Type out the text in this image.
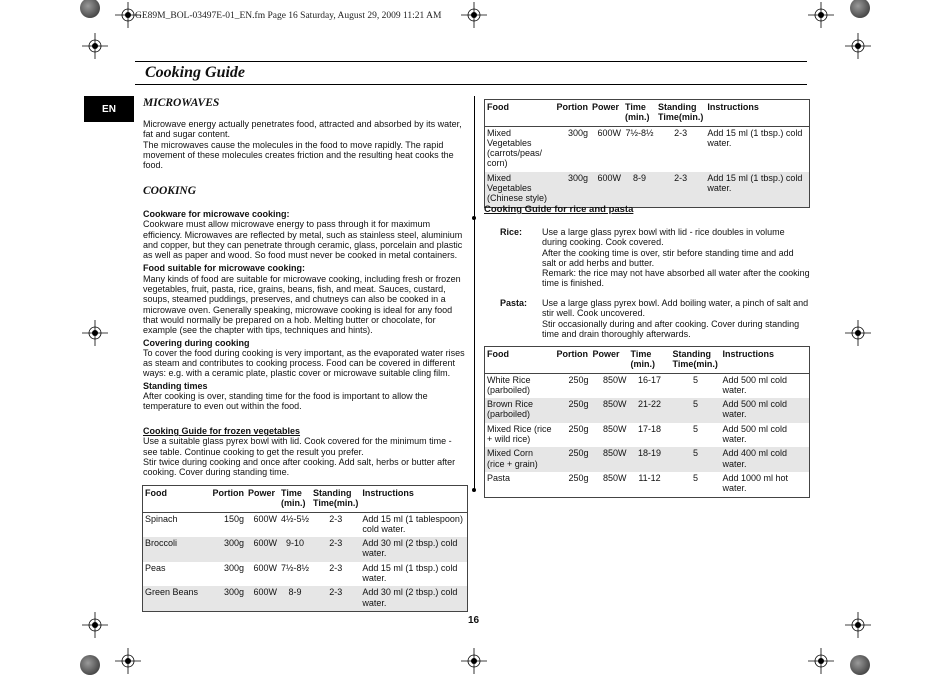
GE89M_BOL-03497E-01_EN.fm Page 16 Saturday, August 29, 2009 11:21 AM
Cooking Guide
EN	MICROWAVES

Microwave energy actually penetrates food, attracted and absorbed by its water, fat and sugar content.

The microwaves cause the molecules in the food to move rapidly. The rapid movement of these molecules creates friction and the resulting heat cooks the food.

COOKING

Cookware for microwave cooking:

Cookware must allow microwave energy to pass through it for maximum efficiency. Microwaves are reflected by metal, such as stainless steel, aluminium and copper, but they can penetrate through ceramic, glass, porcelain and plastic as well as paper and wood. So food must never be cooked in metal containers.

Food suitable for microwave cooking:

Many kinds of food are suitable for microwave cooking, including fresh or frozen vegetables, fruit, pasta, rice, grains, beans, fish, and meat. Sauces, custard, soups, steamed puddings, preserves, and chutneys can also be cooked in a microwave oven. Generally speaking, microwave cooking is ideal for any food that would normally be prepared on a hob. Melting butter or chocolate, for example (see the chapter with tips, techniques and hints).

Covering during cooking

To cover the food during cooking is very important, as the evaporated water rises as steam and contributes to cooking process. Food can be covered in different ways: e.g. with a ceramic plate, plastic cover or microwave suitable cling film.

Standing times

After cooking is over, standing time for the food is important to allow the temperature to even out within the food.

Cooking Guide for frozen vegetables

Use a suitable glass pyrex bowl with lid. Cook covered for the minimum time - see table. Continue cooking to get the result you prefer.

Stir twice during cooking and once after cooking. Add salt, herbs or butter after cooking. Cover during standing time.

Food	Portion	Power	Time (min.)	Standing Time(min.)	Instructions
Spinach	150g	600W	4½-5½	2-3	Add 15 ml (1 tablespoon) cold water.
Broccoli	300g	600W	9-10	2-3	Add 30 ml (2 tbsp.) cold water.
Peas	300g	600W	7½-8½	2-3	Add 15 ml (1 tbsp.) cold water.
Green Beans	300g	600W	8-9	2-3	Add 30 ml (2 tbsp.) cold water.
Food	Portion	Power	Time (min.)	Standing Time(min.)	Instructions
Mixed Vegetables (carrots/peas/ corn)	300g	600W	7½-8½	2-3	Add 15 ml (1 tbsp.) cold water.
Mixed Vegetables (Chinese style)	300g	600W	8-9	2-3	Add 15 ml (1 tbsp.) cold water.
Cooking Guide for rice and pasta
Rice: Use a large glass pyrex bowl with lid - rice doubles in volume during cooking. Cook covered.

After the cooking time is over, stir before standing time and add salt or add herbs and butter.

Remark: the rice may not have absorbed all water after the cooking time is finished.

Pasta: Use a large glass pyrex bowl. Add boiling water, a pinch of salt and stir well. Cook uncovered.

Stir occasionally during and after cooking. Cover during standing time and drain thoroughly afterwards.

Food	Portion	Power	Time (min.)	Standing Time(min.)	Instructions
White Rice (parboiled)	250g	850W	16-17	5	Add 500 ml cold water.
Brown Rice (parboiled)	250g	850W	21-22	5	Add 500 ml cold water.
Mixed Rice (rice + wild rice)	250g	850W	17-18	5	Add 500 ml cold water.
Mixed Corn (rice + grain)	250g	850W	18-19	5	Add 400 ml cold water.
Pasta	250g	850W	11-12	5	Add 1000 ml hot water.
16
